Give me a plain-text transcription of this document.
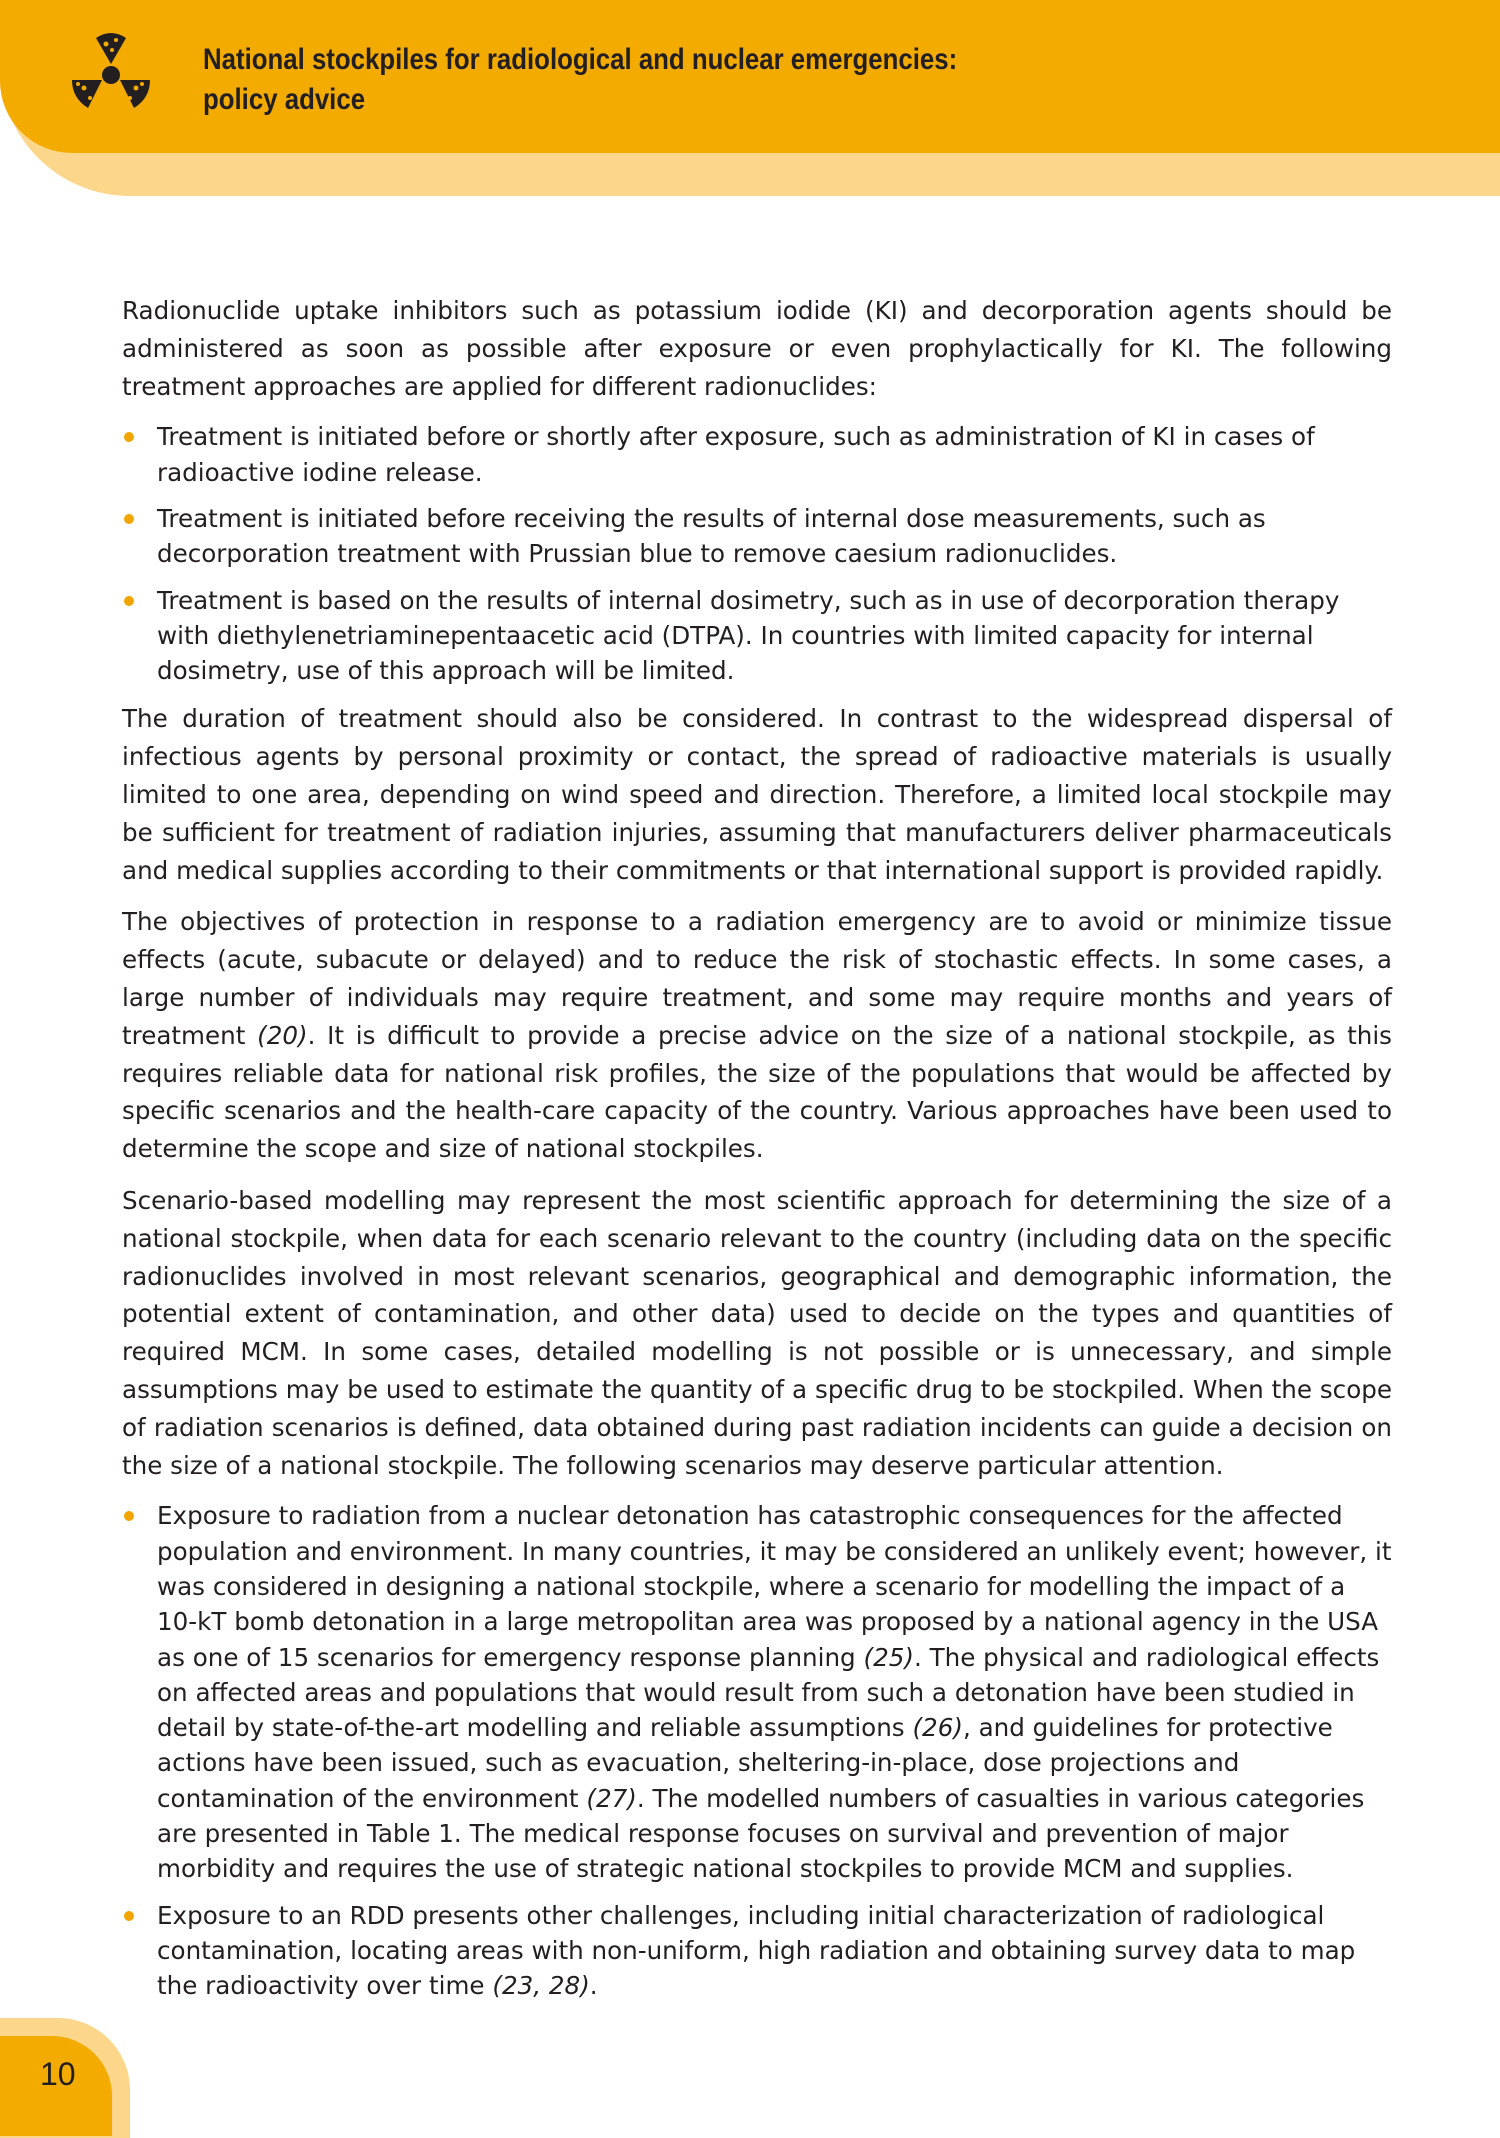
National stockpiles for radiological and nuclear emergencies:
policy advice

Radionuclide uptake inhibitors such as potassium iodide (KI) and decorporation agents should be administered as soon as possible after exposure or even prophylactically for KI. The following treatment approaches are applied for different radionuclides:

Treatment is initiated before or shortly after exposure, such as administration of KI in cases of radioactive iodine release.
Treatment is initiated before receiving the results of internal dose measurements, such as decorporation treatment with Prussian blue to remove caesium radionuclides.
Treatment is based on the results of internal dosimetry, such as in use of decorporation therapy with diethylenetriaminepentaacetic acid (DTPA). In countries with limited capacity for internal dosimetry, use of this approach will be limited.

The duration of treatment should also be considered. In contrast to the widespread dispersal of infectious agents by personal proximity or contact, the spread of radioactive materials is usually limited to one area, depending on wind speed and direction. Therefore, a limited local stockpile may be sufficient for treatment of radiation injuries, assuming that manufacturers deliver pharmaceuticals and medical supplies according to their commitments or that international support is provided rapidly.

The objectives of protection in response to a radiation emergency are to avoid or minimize tissue effects (acute, subacute or delayed) and to reduce the risk of stochastic effects. In some cases, a large number of individuals may require treatment, and some may require months and years of treatment (20). It is difficult to provide a precise advice on the size of a national stockpile, as this requires reliable data for national risk profiles, the size of the populations that would be affected by specific scenarios and the health-care capacity of the country. Various approaches have been used to determine the scope and size of national stockpiles.

Scenario-based modelling may represent the most scientific approach for determining the size of a national stockpile, when data for each scenario relevant to the country (including data on the specific radionuclides involved in most relevant scenarios, geographical and demographic information, the potential extent of contamination, and other data) used to decide on the types and quantities of required MCM. In some cases, detailed modelling is not possible or is unnecessary, and simple assumptions may be used to estimate the quantity of a specific drug to be stockpiled. When the scope of radiation scenarios is defined, data obtained during past radiation incidents can guide a decision on the size of a national stockpile. The following scenarios may deserve particular attention.

Exposure to radiation from a nuclear detonation has catastrophic consequences for the affected population and environment. In many countries, it may be considered an unlikely event; however, it was considered in designing a national stockpile, where a scenario for modelling the impact of a 10-kT bomb detonation in a large metropolitan area was proposed by a national agency in the USA as one of 15 scenarios for emergency response planning (25). The physical and radiological effects on affected areas and populations that would result from such a detonation have been studied in detail by state-of-the-art modelling and reliable assumptions (26), and guidelines for protective actions have been issued, such as evacuation, sheltering-in-place, dose projections and contamination of the environment (27). The modelled numbers of casualties in various categories are presented in Table 1. The medical response focuses on survival and prevention of major morbidity and requires the use of strategic national stockpiles to provide MCM and supplies.
Exposure to an RDD presents other challenges, including initial characterization of radiological contamination, locating areas with non-uniform, high radiation and obtaining survey data to map the radioactivity over time (23, 28).
10
